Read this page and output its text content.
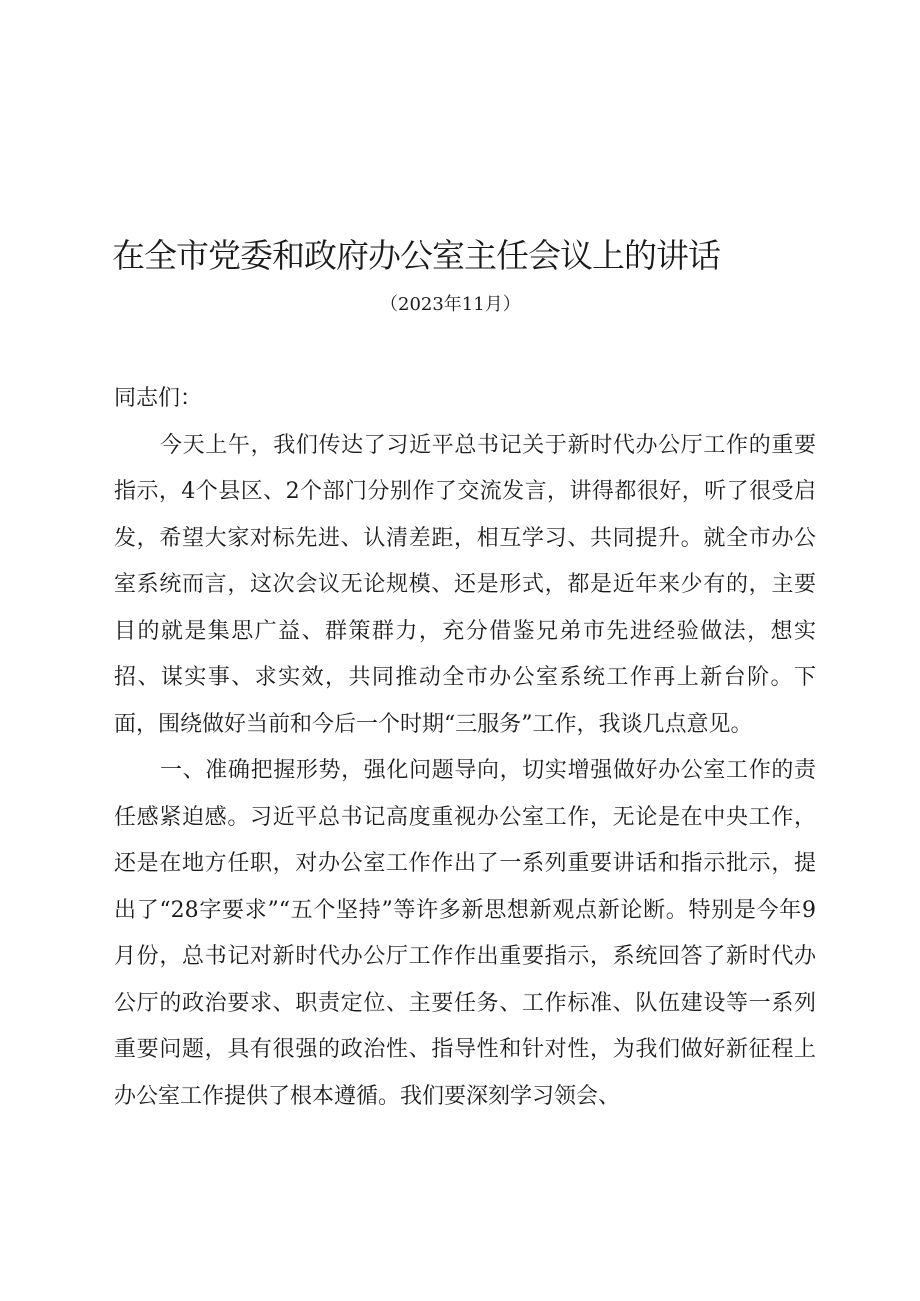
在全市党委和政府办公室主任会议上的讲话
（2023年11月）

同志们：

今天上午，我们传达了习近平总书记关于新时代办公厅工作的重要指示，4个县区、2个部门分别作了交流发言，讲得都很好，听了很受启发，希望大家对标先进、认清差距，相互学习、共同提升。就全市办公室系统而言，这次会议无论规模、还是形式，都是近年来少有的，主要目的就是集思广益、群策群力，充分借鉴兄弟市先进经验做法，想实招、谋实事、求实效，共同推动全市办公室系统工作再上新台阶。下面，围绕做好当前和今后一个时期“三服务”工作，我谈几点意见。

一、准确把握形势，强化问题导向，切实增强做好办公室工作的责任感紧迫感。习近平总书记高度重视办公室工作，无论是在中央工作，还是在地方任职，对办公室工作作出了一系列重要讲话和指示批示，提出了“28字要求”“五个坚持”等许多新思想新观点新论断。特别是今年9月份，总书记对新时代办公厅工作作出重要指示，系统回答了新时代办公厅的政治要求、职责定位、主要任务、工作标准、队伍建设等一系列重要问题，具有很强的政治性、指导性和针对性，为我们做好新征程上办公室工作提供了根本遵循。我们要深刻学习领会、
